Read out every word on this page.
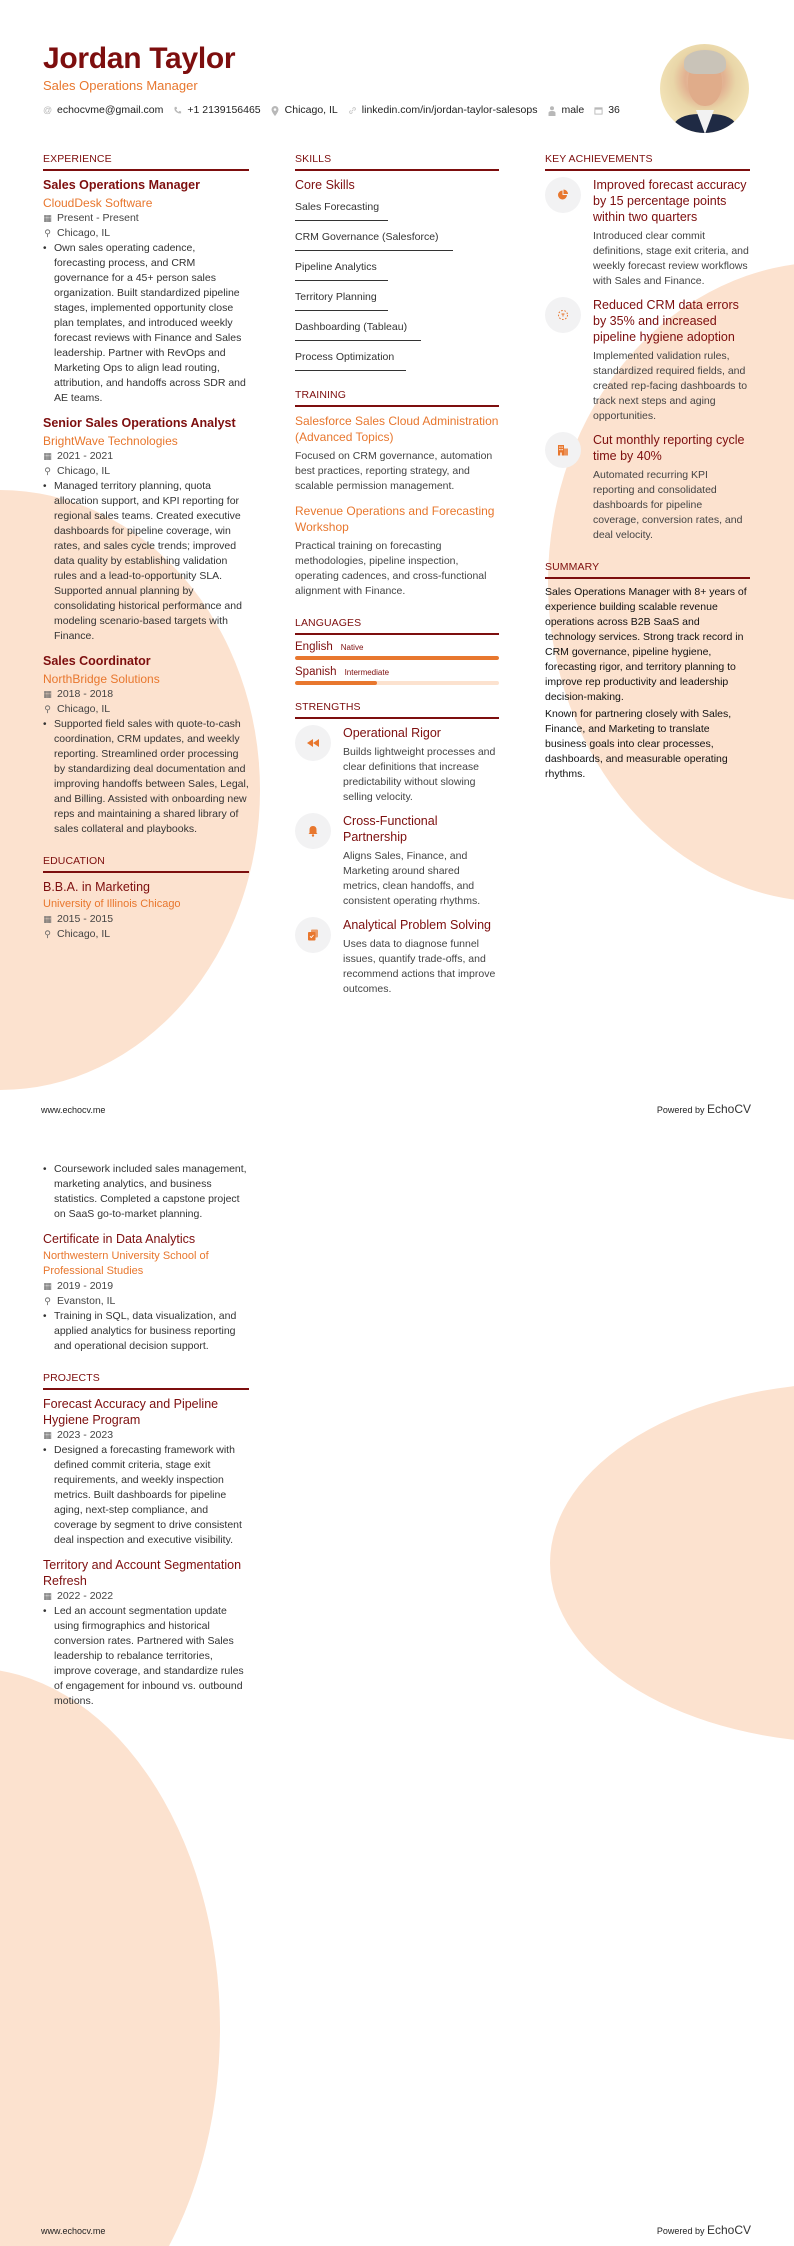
Jordan Taylor
Sales Operations Manager
@ echocvme@gmail.com +1 2139156465 Chicago, IL linkedin.com/in/jordan-taylor-salesops male 36
EXPERIENCE
Sales Operations Manager
CloudDesk Software
▦ Present - Present
⚲ Chicago, IL
• Own sales operating cadence, forecasting process, and CRM governance for a 45+ person sales organization. Built standardized pipeline stages, implemented opportunity close plan templates, and introduced weekly forecast reviews with Finance and Sales leadership. Partner with RevOps and Marketing Ops to align lead routing, attribution, and handoffs across SDR and AE teams.
Senior Sales Operations Analyst
BrightWave Technologies
▦ 2021 - 2021
⚲ Chicago, IL
• Managed territory planning, quota allocation support, and KPI reporting for regional sales teams. Created executive dashboards for pipeline coverage, win rates, and sales cycle trends; improved data quality by establishing validation rules and a lead-to-opportunity SLA. Supported annual planning by consolidating historical performance and modeling scenario-based targets with Finance.
Sales Coordinator
NorthBridge Solutions
▦ 2018 - 2018
⚲ Chicago, IL
• Supported field sales with quote-to-cash coordination, CRM updates, and weekly reporting. Streamlined order processing by standardizing deal documentation and improving handoffs between Sales, Legal, and Billing. Assisted with onboarding new reps and maintaining a shared library of sales collateral and playbooks.
EDUCATION
B.B.A. in Marketing
University of Illinois Chicago
▦ 2015 - 2015
⚲ Chicago, IL
SKILLS
Core Skills
Sales Forecasting
CRM Governance (Salesforce)
Pipeline Analytics
Territory Planning
Dashboarding (Tableau)
Process Optimization
TRAINING
Salesforce Sales Cloud Administration (Advanced Topics)
Focused on CRM governance, automation best practices, reporting strategy, and scalable permission management.
Revenue Operations and Forecasting Workshop
Practical training on forecasting methodologies, pipeline inspection, operating cadences, and cross-functional alignment with Finance.
LANGUAGES
English Native
Spanish Intermediate
STRENGTHS
Operational Rigor
Builds lightweight processes and clear definitions that increase predictability without slowing selling velocity.
Cross-Functional Partnership
Aligns Sales, Finance, and Marketing around shared metrics, clean handoffs, and consistent operating rhythms.
Analytical Problem Solving
Uses data to diagnose funnel issues, quantify trade-offs, and recommend actions that improve outcomes.
KEY ACHIEVEMENTS
Improved forecast accuracy by 15 percentage points within two quarters
Introduced clear commit definitions, stage exit criteria, and weekly forecast review workflows with Sales and Finance.
Reduced CRM data errors by 35% and increased pipeline hygiene adoption
Implemented validation rules, standardized required fields, and created rep-facing dashboards to track next steps and aging opportunities.
Cut monthly reporting cycle time by 40%
Automated recurring KPI reporting and consolidated dashboards for pipeline coverage, conversion rates, and deal velocity.
SUMMARY

Sales Operations Manager with 8+ years of experience building scalable revenue operations across B2B SaaS and technology services. Strong track record in CRM governance, pipeline hygiene, forecasting rigor, and territory planning to improve rep productivity and leadership decision-making.

Known for partnering closely with Sales, Finance, and Marketing to translate business goals into clear processes, dashboards, and measurable operating rhythms.

www.echocv.me	Powered by EchoCV
• Coursework included sales management, marketing analytics, and business statistics. Completed a capstone project on SaaS go-to-market planning.
Certificate in Data Analytics
Northwestern University School of Professional Studies
▦ 2019 - 2019
⚲ Evanston, IL
• Training in SQL, data visualization, and applied analytics for business reporting and operational decision support.
PROJECTS
Forecast Accuracy and Pipeline Hygiene Program
▦ 2023 - 2023
• Designed a forecasting framework with defined commit criteria, stage exit requirements, and weekly inspection metrics. Built dashboards for pipeline aging, next-step compliance, and coverage by segment to drive consistent deal inspection and executive visibility.
Territory and Account Segmentation Refresh
▦ 2022 - 2022
• Led an account segmentation update using firmographics and historical conversion rates. Partnered with Sales leadership to rebalance territories, improve coverage, and standardize rules of engagement for inbound vs. outbound motions.
www.echocv.me	Powered by EchoCV
